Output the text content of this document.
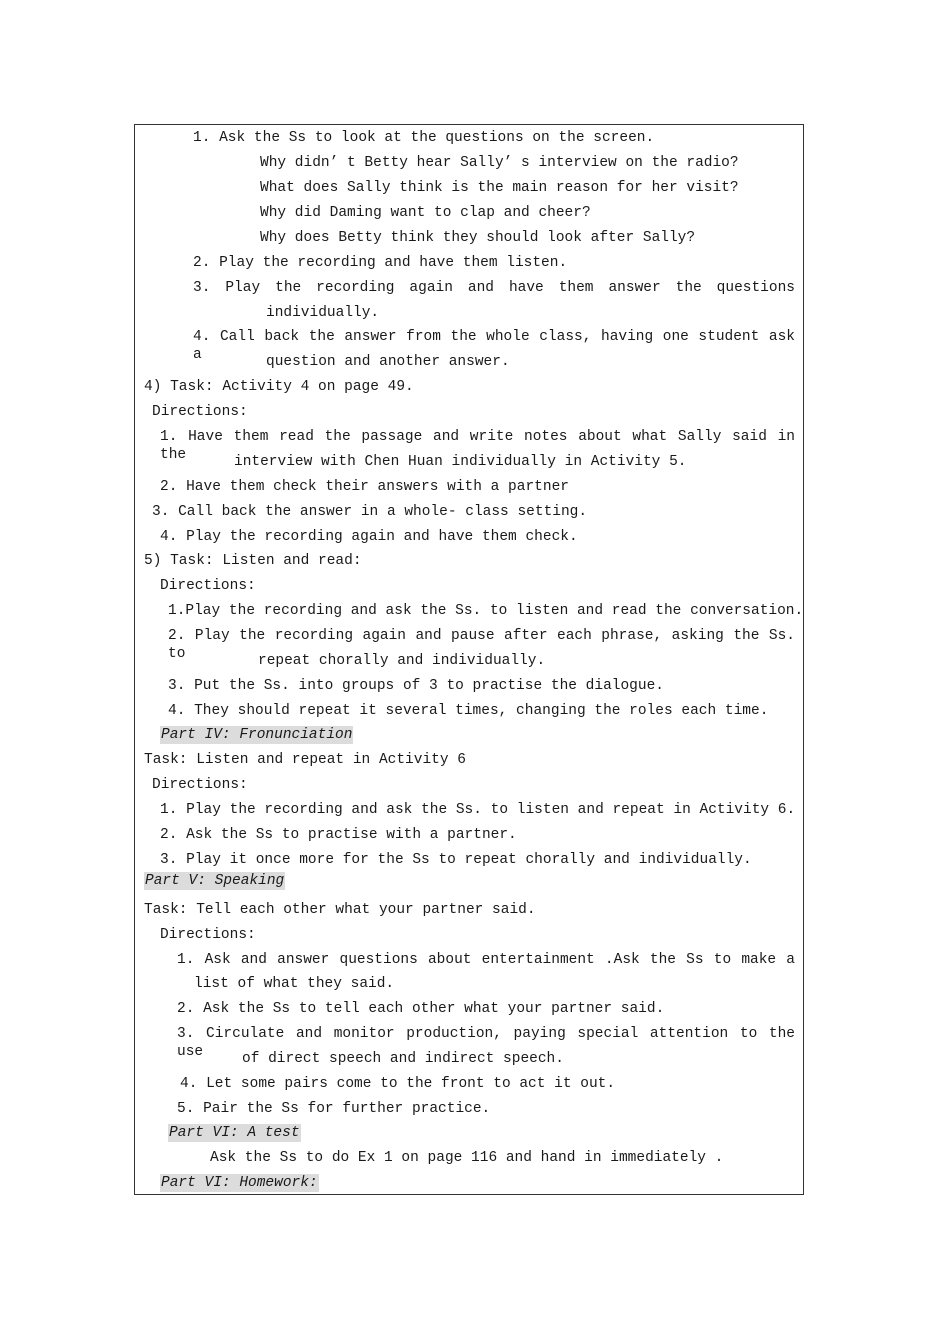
1. Ask the Ss to look at the questions on the screen.
Why didn’ t Betty hear Sally’ s interview on the radio?
What does Sally think is the main reason for her visit?
Why did Daming want to clap and cheer?
Why does Betty think they should look after Sally?
2. Play the recording and have them listen.
3. Play the recording again and have them answer the questions
individually.
4. Call back the answer from the whole class, having one student ask a	question and another answer.
4) Task: Activity 4 on page 49.
Directions:
1. Have them read the passage and write notes about what Sally said in the	interview with Chen Huan individually in Activity 5.
2. Have them check their answers with a partner
3. Call back the answer in a whole- class setting.
4. Play the recording again and have them check.
5) Task: Listen and read:
Directions:
1.Play the recording and ask the Ss. to listen and read the conversation.
2. Play the recording again and pause after each phrase, asking the Ss. to	repeat chorally and individually.
3. Put the Ss. into groups of 3 to practise the dialogue.
4. They should repeat it several times, changing the roles each time.
Part IV: Fronunciation
Task: Listen and repeat in Activity 6
Directions:
1. Play the recording and ask the Ss. to listen and repeat in Activity 6.
2. Ask the Ss to practise with a partner.
3. Play it once more for the Ss to repeat chorally and individually.
Part V: Speaking
Task: Tell each other what your partner said.
Directions:
1. Ask and answer questions about entertainment .Ask the Ss to make a
list of what they said.
2. Ask the Ss to tell each other what your partner said.
3. Circulate and monitor production, paying special attention to the use	of direct speech and indirect speech.
4. Let some pairs come to the front to act it out.
5. Pair the Ss for further practice.
Part VI: A test
Ask the Ss to do Ex 1 on page 116 and hand in immediately .
Part VI: Homework:
